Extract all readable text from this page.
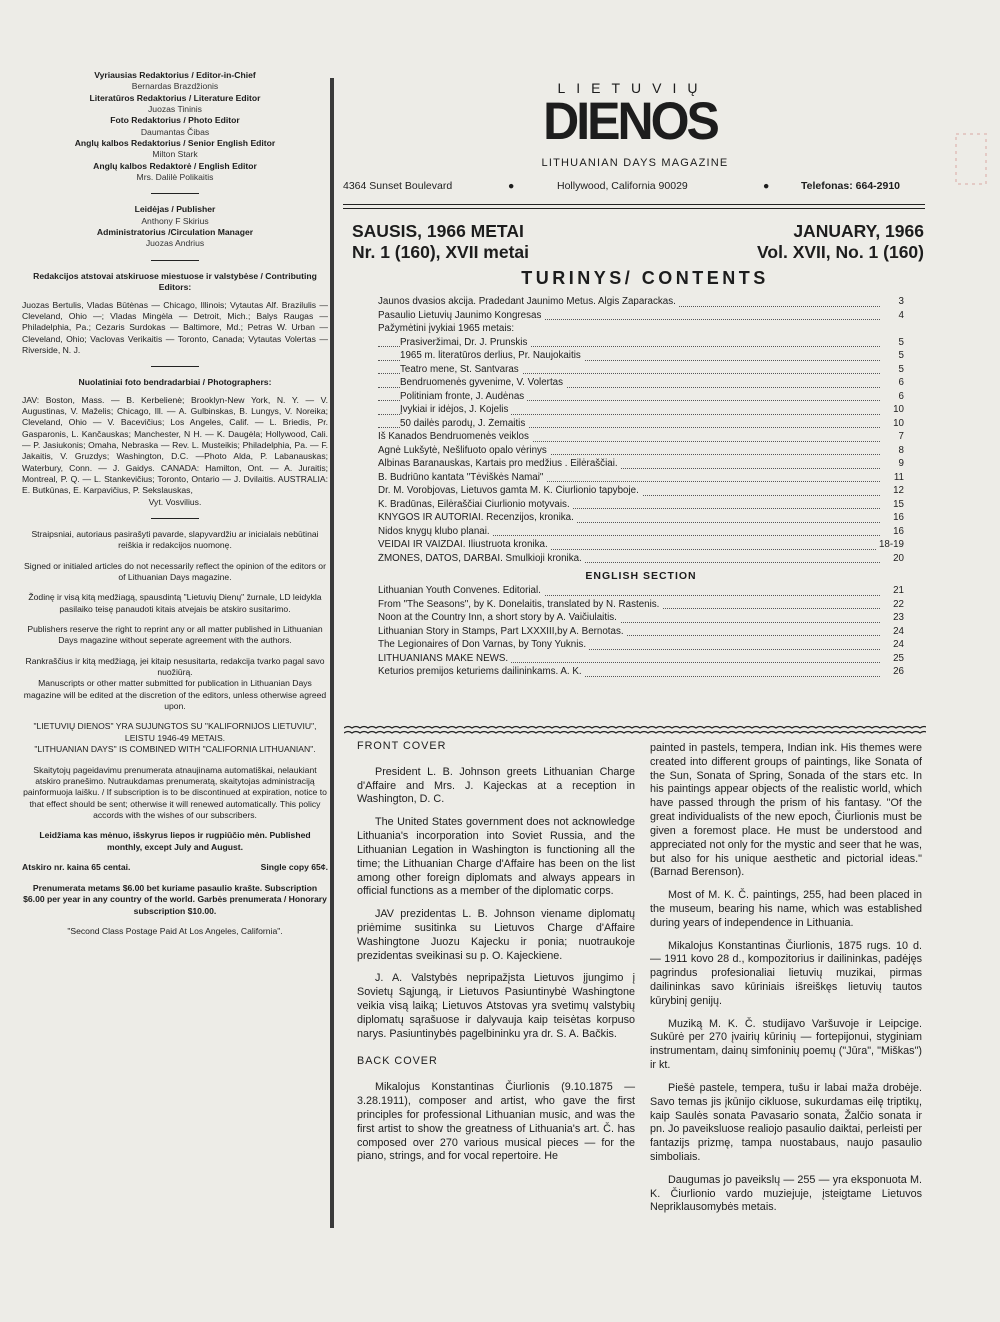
Vyriausias Redaktorius / Editor-in-Chief
Bernardas Brazdžionis
Literatūros Redaktorius / Literature Editor
Juozas Tininis
Foto Redaktorius / Photo Editor
Daumantas Čibas
Anglų kalbos Redaktorius / Senior English Editor
Milton Stark
Anglų kalbos Redaktorė / English Editor
Mrs. Dalilė Polikaitis
Leidėjas / Publisher
Anthony F Skirius
Administratorius /Circulation Manager
Juozas Andrius
Redakcijos atstovai atskiruose miestuose ir valstybėse / Contributing Editors:
Juozas Bertulis, Vladas Būtėnas — Chicago, Illinois; Vytautas Alf. Brazilulis — Cleveland, Ohio —; Vladas Mingėla — Detroit, Mich.; Balys Raugas — Philadelphia, Pa.; Cezaris Surdokas — Baltimore, Md.; Petras W. Urban — Cleveland, Ohio; Vaclovas Verikaitis — Toronto, Canada; Vytautas Volertas — Riverside, N. J.
Nuolatiniai foto bendradarbiai / Photographers:
JAV: Boston, Mass. — B. Kerbelienė; Brooklyn-New York, N. Y. — V. Augustinas, V. Maželis; Chicago, Ill. — A. Gulbinskas, B. Lungys, V. Noreika; Cleveland, Ohio — V. Bacevičius; Los Angeles, Calif. — L. Briedis, Pr. Gasparonis, L. Kančauskas; Manchester, N H. — K. Daugėla; Hollywood, Cali. — P. Jasiukonis; Omaha, Nebraska — Rev. L. Musteikis; Philadelphia, Pa. — F. Jakaitis, V. Gruzdys; Washington, D.C. —Photo Alda, P. Labanauskas; Waterbury, Conn. — J. Gaidys. CANADA: Hamilton, Ont. — A. Juraitis; Montreal, P. Q. — L. Stankevičius; Toronto, Ontario — J. Dvilaitis. AUSTRALIA: E. Butkūnas, E. Karpavičius, P. Sekslauskas,
Vyt. Vosvilius.
Straipsniai, autoriaus pasirašyti pavarde, slapyvardžiu ar inicialais nebūtinai reiškia ir redakcijos nuomonę.
Signed or initialed articles do not necessarily reflect the opinion of the editors or of Lithuanian Days magazine.
Žodinę ir visą kitą medžiagą, spausdintą "Lietuvių Dienų" žurnale, LD leidykla pasilaiko teisę panaudoti kitais atvejais be atskiro susitarimo.
Publishers reserve the right to reprint any or all matter published in Lithuanian Days magazine without seperate agreement with the authors.
Rankraščius ir kitą medžiagą, jei kitaip nesusitarta, redakcija tvarko pagal savo nuožiūrą.
Manuscripts or other matter submitted for publication in Lithuanian Days magazine will be edited at the discretion of the editors, unless otherwise agreed upon.
"LIETUVIŲ DIENOS" YRA SUJUNGTOS SU "KALIFORNIJOS LIETUVIU", LEISTU 1946-49 METAIS.
"LITHUANIAN DAYS" IS COMBINED WITH "CALIFORNIA LITHUANIAN".
Skaitytojų pageidavimu prenumerata atnaujinama automatiškai, nelaukiant atskiro pranešimo. Nutraukdamas prenumeratą, skaitytojas administraciją painformuoja laišku. / If subscription is to be discontinued at expiration, notice to that effect should be sent; otherwise it will renewed automatically. This policy accords with the wishes of our subscribers.
Leidžiama kas mėnuo, išskyrus liepos ir rugpiūčio mėn. Published monthly, except July and August.
Atskiro nr. kaina 65 centai.	Single copy 65¢.
Prenumerata metams $6.00 bet kuriame pasaulio krašte. Subscription $6.00 per year in any country of the world. Garbės prenumerata / Honorary subscription $10.00.
"Second Class Postage Paid At Los Angeles, California".
LIETUVIŲ
DIENOS
LITHUANIAN DAYS MAGAZINE
4364 Sunset Boulevard	●	Hollywood, California 90029	●	Telefonas: 664-2910
SAUSIS, 1966 METAI
Nr. 1 (160), XVII metai
JANUARY, 1966
Vol. XVII, No. 1 (160)
TURINYS/ CONTENTS
Jaunos dvasios akcija. Pradedant Jaunimo Metus. Algis Zaparackas.	3
Pasaulio Lietuvių Jaunimo Kongresas	4
Pažymėtini įvykiai 1965 metais:
Prasiveržimai, Dr. J. Prunskis	5
1965 m. literatūros derlius, Pr. Naujokaitis	5
Teatro mene, St. Santvaras	5
Bendruomenės gyvenime, V. Volertas	6
Politiniam fronte, J. Audėnas	6
Įvykiai ir idėjos, J. Kojelis	10
50 dailės parodų, J. Žemaitis	10
Iš Kanados Bendruomenės veiklos	7
Agnė Lukšytė, Nešlifuoto opalo vėrinys	8
Albinas Baranauskas, Kartais pro medžius . Eilėraščiai.	9
B. Budriūno kantata "Tėviškės Namai"	11
Dr. M. Vorobjovas, Lietuvos gamta M. K. Čiurlionio tapyboje.	12
K. Bradūnas, Eilėraščiai Čiurlionio motyvais.	15
KNYGOS IR AUTORIAI. Recenzijos, kronika.	16
Nidos knygų klubo planai.	16
VEIDAI IR VAIZDAI. Iliustruota kronika.	18-19
ŽMONĖS, DATOS, DARBAI. Smulkioji kronika.	20
ENGLISH SECTION
Lithuanian Youth Convenes. Editorial.	21
From "The Seasons", by K. Donelaitis, translated by N. Rastenis.	22
Noon at the Country Inn, a short story by A. Vaičiulaitis.	23
Lithuanian Story in Stamps, Part LXXXIII,by A. Bernotas.	24
The Legionaires of Don Varnas, by Tony Yuknis.	24
LITHUANIANS MAKE NEWS.	25
Keturios premijos keturiems dailininkams. A. K.	26
FRONT COVER

President L. B. Johnson greets Lithuanian Charge d'Affaire and Mrs. J. Kajeckas at a reception in Washington, D. C.

The United States government does not acknowledge Lithuania's incorporation into Soviet Russia, and the Lithuanian Legation in Washington is functioning all the time; the Lithuanian Charge d'Affaire has been on the list among other foreign diplomats and always appears in official functions as a member of the diplomatic corps.

JAV prezidentas L. B. Johnson viename diplomatų priėmime susitinka su Lietuvos Charge d'Affaire Washingtone Juozu Kajecku ir ponia; nuotraukoje prezidentas sveikinasi su p. O. Kajeckiene.

J. A. Valstybės nepripažįsta Lietuvos įjungimo į Sovietų Sąjungą, ir Lietuvos Pasiuntinybė Washingtone veikia visą laiką; Lietuvos Atstovas yra svetimų valstybių diplomatų sąrašuose ir dalyvauja kaip teisėtas korpuso narys. Pasiuntinybės pagelbininku yra dr. S. A. Bačkis.

BACK COVER

Mikalojus Konstantinas Čiurlionis (9.10.1875 —3.28.1911), composer and artist, who gave the first principles for professional Lithuanian music, and was the first artist to show the greatness of Lithuania's art. Č. has composed over 270 various musical pieces — for the piano, strings, and for vocal repertoire. He

painted in pastels, tempera, Indian ink. His themes were created into different groups of paintings, like Sonata of the Sun, Sonata of Spring, Sonada of the stars etc. In his paintings appear objects of the realistic world, which have passed through the prism of his fantasy. "Of the great individualists of the new epoch, Čiurlionis must be given a foremost place. He must be understood and appreciated not only for the mystic and seer that he was, but also for his unique aesthetic and pictorial ideas." (Barnad Berenson).

Most of M. K. Č. paintings, 255, had been placed in the museum, bearing his name, which was established during years of independence in Lithuania.

Mikalojus Konstantinas Čiurlionis, 1875 rugs. 10 d. — 1911 kovo 28 d., kompozitorius ir dailininkas, padėjęs pagrindus profesionaliai lietuvių muzikai, pirmas dailininkas savo kūriniais išreiškęs lietuvių tautos kūrybinį genijų.

Muziką M. K. Č. studijavo Varšuvoje ir Leipcige. Sukūrė per 270 įvairių kūrinių — fortepijonui, styginiam instrumentam, dainų simfoninių poemų ("Jūra", "Miškas") ir kt.

Piešė pastele, tempera, tušu ir labai maža drobėje. Savo temas jis įkūnijo cikluose, sukurdamas eilę triptikų, kaip Saulės sonata Pavasario sonata, Žalčio sonata ir pn. Jo paveiksluose realiojo pasaulio daiktai, perleisti per fantazijs prizmę, tampa nuostabaus, naujo pasaulio simboliais.

Daugumas jo paveikslų — 255 — yra eksponuota M. K. Čiurlionio vardo muziejuje, įsteigtame Lietuvos Nepriklausomybės metais.
